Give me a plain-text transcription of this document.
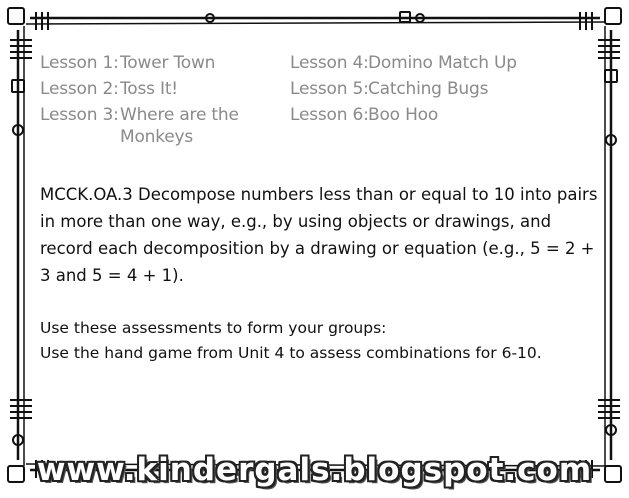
Lesson 1:Tower Town
Lesson 2:Toss It!
Lesson 3:Where are the Monkeys
Lesson 4:Domino Match Up
Lesson 5:Catching Bugs
Lesson 6:Boo Hoo

MCCK.OA.3 Decompose numbers less than or equal to 10 into pairs in more than one way, e.g., by using objects or drawings, and record each decomposition by a drawing or equation (e.g., 5 = 2 + 3 and 5 = 4 + 1).

Use these assessments to form your groups:

Use the hand game from Unit 4 to assess combinations for 6-10.

www.kindergals.blogspot.com
